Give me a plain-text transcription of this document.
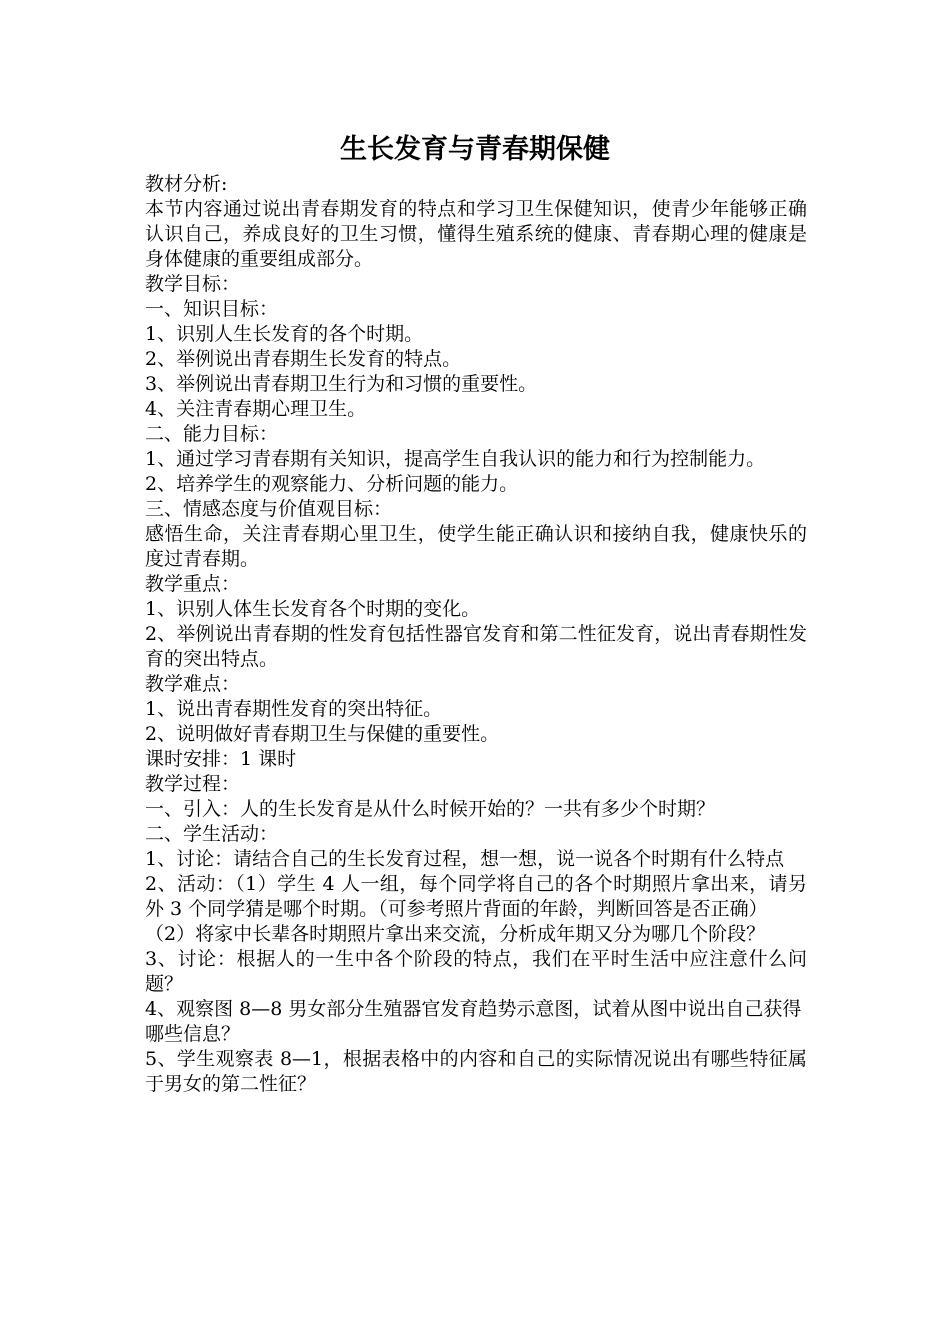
生长发育与青春期保健

教材分析:

本节内容通过说出青春期发育的特点和学习卫生保健知识，使青少年能够正确认识自己，养成良好的卫生习惯，懂得生殖系统的健康、青春期心理的健康是身体健康的重要组成部分。

教学目标：

一、知识目标：

1、识别人生长发育的各个时期。

2、举例说出青春期生长发育的特点。

3、举例说出青春期卫生行为和习惯的重要性。

4、关注青春期心理卫生。

二、能力目标：

1、通过学习青春期有关知识，提高学生自我认识的能力和行为控制能力。

2、培养学生的观察能力、分析问题的能力。

三、情感态度与价值观目标：

感悟生命，关注青春期心里卫生，使学生能正确认识和接纳自我，健康快乐的度过青春期。

教学重点：

1、识别人体生长发育各个时期的变化。

2、举例说出青春期的性发育包括性器官发育和第二性征发育，说出青春期性发育的突出特点。

教学难点：

1、说出青春期性发育的突出特征。

2、说明做好青春期卫生与保健的重要性。

课时安排：1 课时

教学过程：

一、引入：人的生长发育是从什么时候开始的？一共有多少个时期？

二、学生活动：

1、讨论：请结合自己的生长发育过程，想一想，说一说各个时期有什么特点

2、活动：（1）学生 4 人一组，每个同学将自己的各个时期照片拿出来，请另外 3 个同学猜是哪个时期。（可参考照片背面的年龄，判断回答是否正确）

（2）将家中长辈各时期照片拿出来交流，分析成年期又分为哪几个阶段？

3、讨论：根据人的一生中各个阶段的特点，我们在平时生活中应注意什么问题？

4、观察图 8—8 男女部分生殖器官发育趋势示意图，试着从图中说出自己获得

哪些信息？

5、学生观察表 8—1，根据表格中的内容和自己的实际情况说出有哪些特征属于男女的第二性征？
